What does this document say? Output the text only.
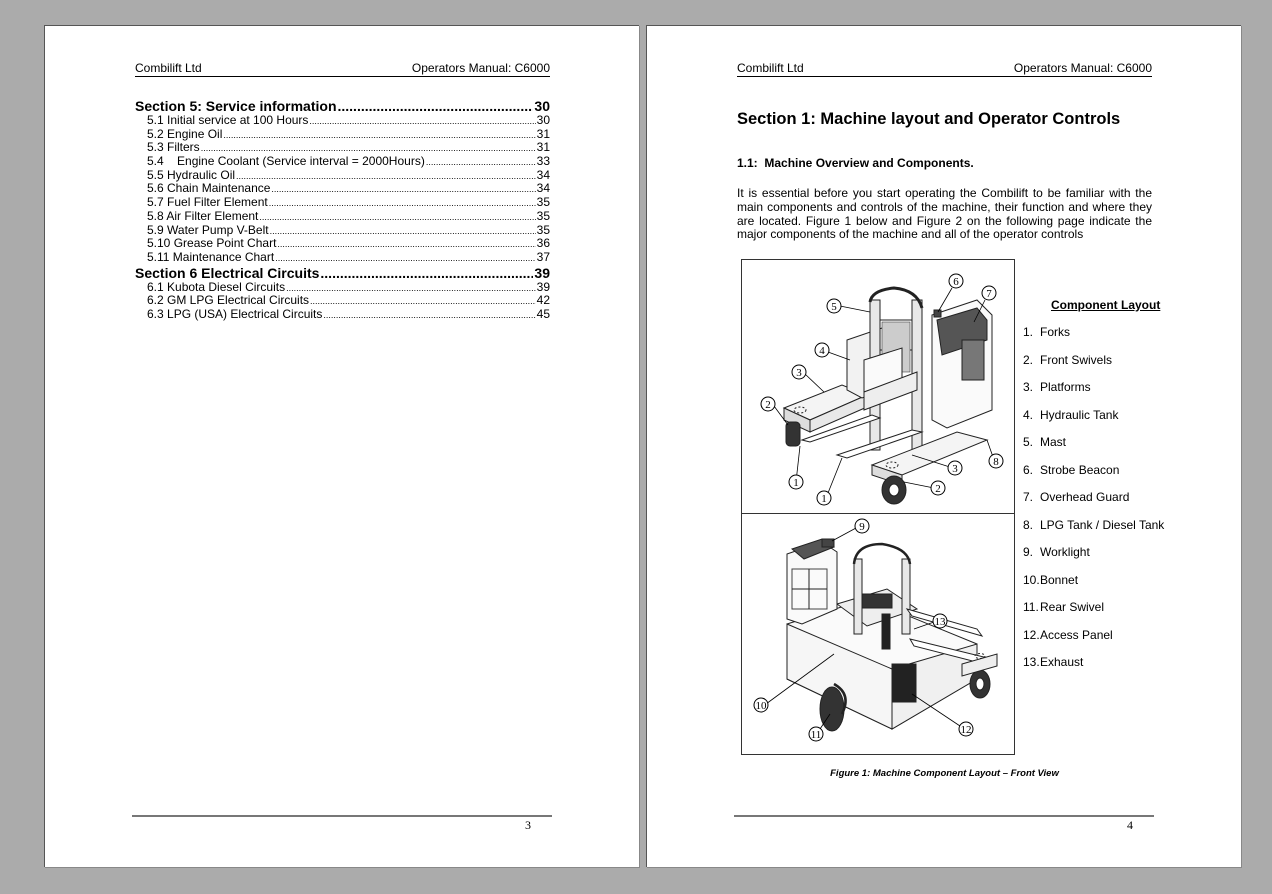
Combilift Ltd	Operators Manual: C6000
Section 5: Service information .....	30
5.1 Initial service at 100 Hours .....	30
5.2 Engine Oil .....	31
5.3 Filters .....	31
5.4    Engine Coolant (Service interval = 2000Hours) .....	33
5.5 Hydraulic Oil .....	34
5.6 Chain Maintenance .....	34
5.7 Fuel Filter Element .....	35
5.8 Air Filter Element .....	35
5.9 Water Pump V-Belt .....	35
5.10 Grease Point Chart .....	36
5.11 Maintenance Chart .....	37
Section 6 Electrical Circuits .....	39
6.1 Kubota Diesel Circuits .....	39
6.2 GM LPG Electrical Circuits .....	42
6.3 LPG (USA) Electrical Circuits .....	45
3
Combilift Ltd	Operators Manual: C6000
Section 1: Machine layout and Operator Controls
1.1:  Machine Overview and Components.
It is essential before you start operating the Combilift to be familiar with the main components and controls of the machine, their function and where they are located. Figure 1 below and Figure 2 on the following page indicate the major components of the machine and all of the operator controls
5
4
3
2
1
1
6
7
8
3
2
9
10
11	12
13
Component Layout
1. Forks
2. Front Swivels
3. Platforms
4. Hydraulic Tank
5. Mast
6. Strobe Beacon
7. Overhead Guard
8. LPG Tank / Diesel Tank
9. Worklight
10. Bonnet
11. Rear Swivel
12. Access Panel
13. Exhaust
Figure 1: Machine Component Layout – Front View
4
